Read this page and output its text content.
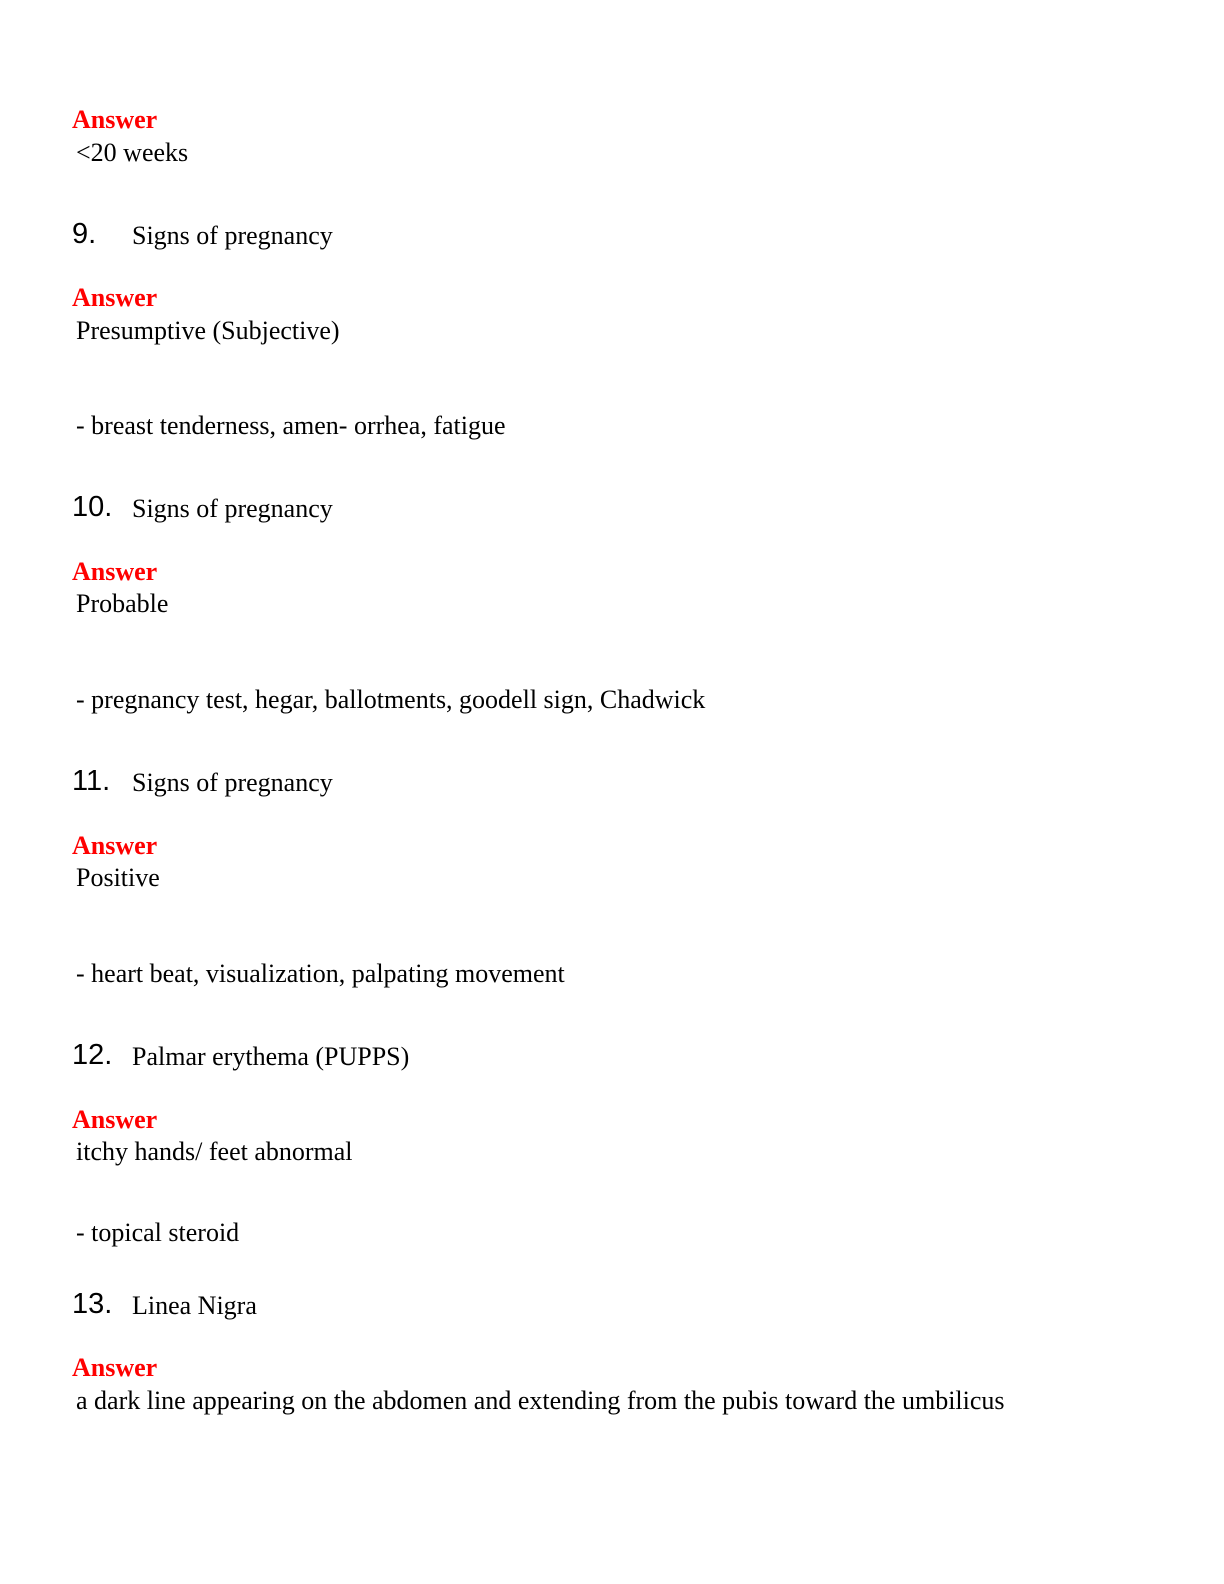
Answer
<20 weeks
9. Signs of pregnancy
Answer
Presumptive (Subjective)
- breast tenderness, amen- orrhea, fatigue
10. Signs of pregnancy
Answer
Probable
- pregnancy test, hegar, ballotments, goodell sign, Chadwick
11. Signs of pregnancy
Answer
Positive
- heart beat, visualization, palpating movement
12. Palmar erythema (PUPPS)
Answer
itchy hands/ feet abnormal
- topical steroid
13. Linea Nigra
Answer
a dark line appearing on the abdomen and extending from the pubis toward the umbilicus
